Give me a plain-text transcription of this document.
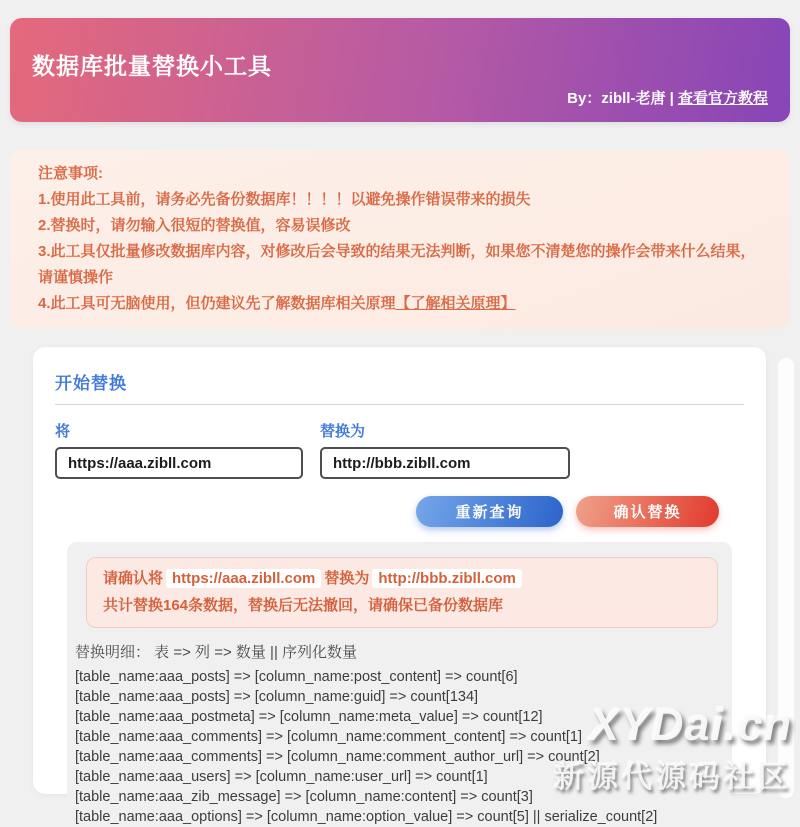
数据库批量替换小工具
By：zibll-老唐 | 查看官方教程
注意事项:
1.使用此工具前，请务必先备份数据库！！！！以避免操作错误带来的损失
2.替换时，请勿输入很短的替换值，容易误修改
3.此工具仅批量修改数据库内容，对修改后会导致的结果无法判断，如果您不清楚您的操作会带来什么结果，请谨慎操作
4.此工具可无脑使用，但仍建议先了解数据库相关原理【了解相关原理】
开始替换
将
https://aaa.zibll.com	替换为
http://bbb.zibll.com
重新查询	确认替换
请确认将 https://aaa.zibll.com 替换为 http://bbb.zibll.com
共计替换164条数据，替换后无法撤回，请确保已备份数据库
替换明细： 表 => 列 => 数量 || 序列化数量
[table_name:aaa_posts] => [column_name:post_content] => count[6]
[table_name:aaa_posts] => [column_name:guid] => count[134]
[table_name:aaa_postmeta] => [column_name:meta_value] => count[12]
[table_name:aaa_comments] => [column_name:comment_content] => count[1]
[table_name:aaa_comments] => [column_name:comment_author_url] => count[2]
[table_name:aaa_users] => [column_name:user_url] => count[1]
[table_name:aaa_zib_message] => [column_name:content] => count[3]
[table_name:aaa_options] => [column_name:option_value] => count[5] || serialize_count[2]
XYDai.cn
新源代源码社区
